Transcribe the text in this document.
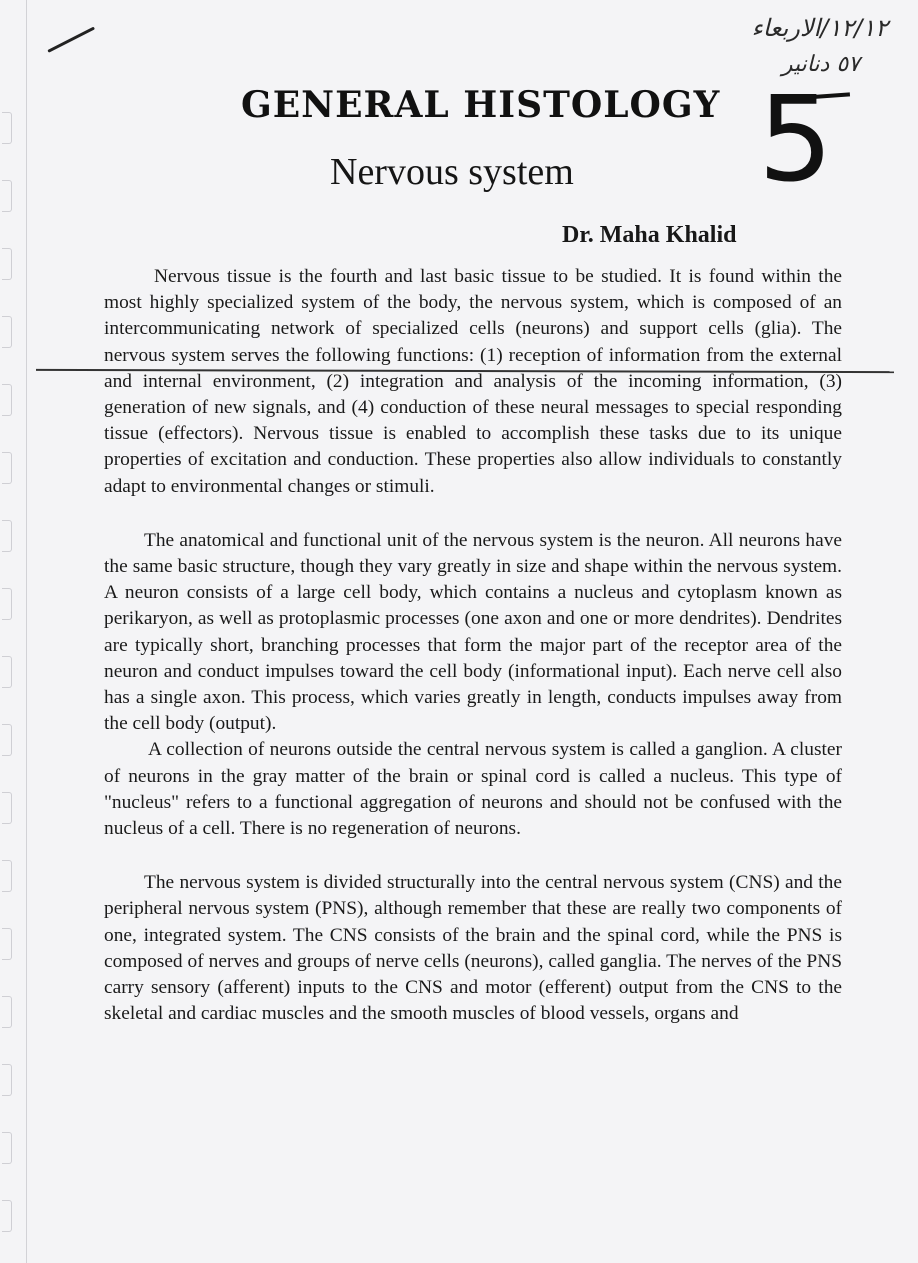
١٢/١٢/الاربعاء
٥٧ دنانير
GENERAL HISTOLOGY 5
Nervous system
Dr. Maha Khalid

Nervous tissue is the fourth and last basic tissue to be studied. It is found within the most highly specialized system of the body, the nervous system, which is composed of an intercommunicating network of specialized cells (neurons) and support cells (glia). The nervous system serves the following functions: (1) reception of information from the external and internal environment, (2) integration and analysis of the incoming information, (3) generation of new signals, and (4) conduction of these neural messages to special responding tissue (effectors). Nervous tissue is enabled to accomplish these tasks due to its unique properties of excitation and conduction. These properties also allow individuals to constantly adapt to environmental changes or stimuli.

The anatomical and functional unit of the nervous system is the neuron. All neurons have the same basic structure, though they vary greatly in size and shape within the nervous system. A neuron consists of a large cell body, which contains a nucleus and cytoplasm known as perikaryon, as well as protoplasmic processes (one axon and one or more dendrites). Dendrites are typically short, branching processes that form the major part of the receptor area of the neuron and conduct impulses toward the cell body (informational input). Each nerve cell also has a single axon. This process, which varies greatly in length, conducts impulses away from the cell body (output).

A collection of neurons outside the central nervous system is called a ganglion. A cluster of neurons in the gray matter of the brain or spinal cord is called a nucleus. This type of "nucleus" refers to a functional aggregation of neurons and should not be confused with the nucleus of a cell. There is no regeneration of neurons.

The nervous system is divided structurally into the central nervous system (CNS) and the peripheral nervous system (PNS), although remember that these are really two components of one, integrated system. The CNS consists of the brain and the spinal cord, while the PNS is composed of nerves and groups of nerve cells (neurons), called ganglia. The nerves of the PNS carry sensory (afferent) inputs to the CNS and motor (efferent) output from the CNS to the skeletal and cardiac muscles and the smooth muscles of blood vessels, organs and
